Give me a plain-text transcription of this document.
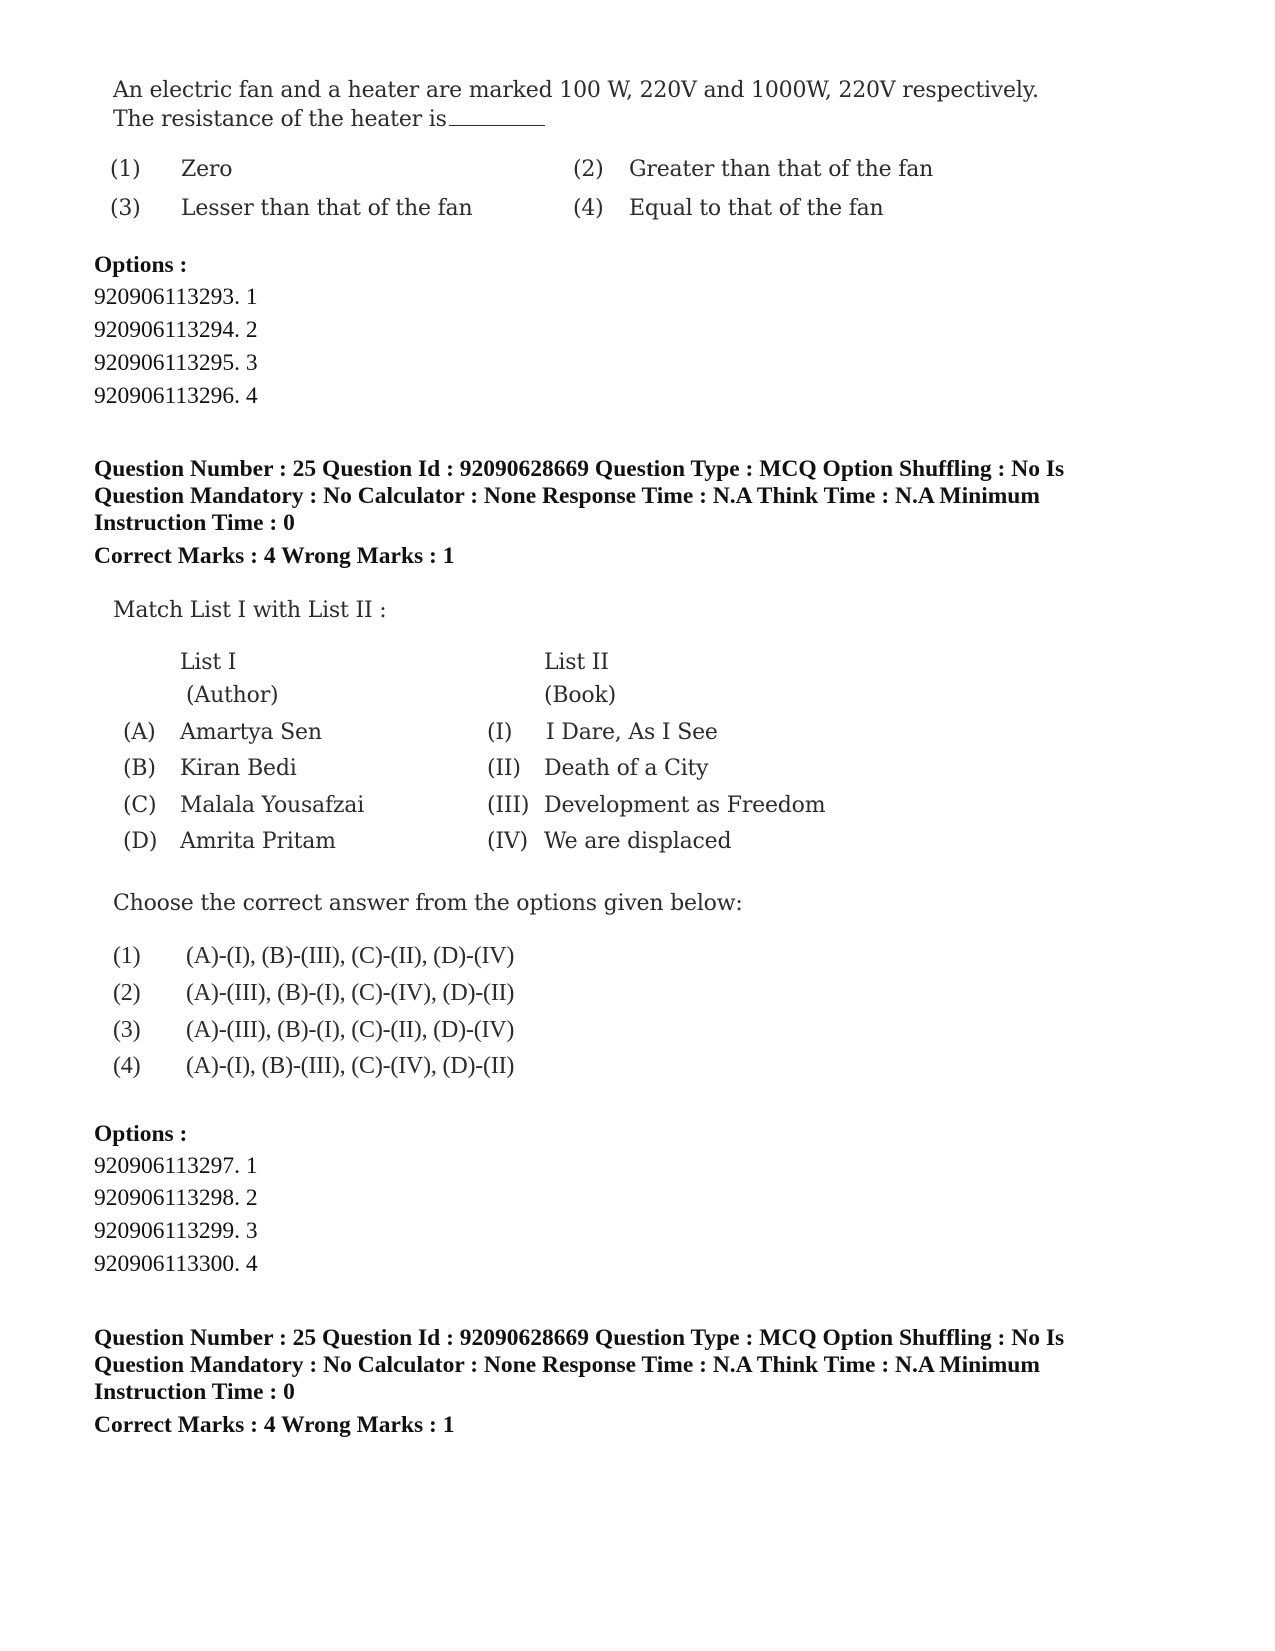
An electric fan and a heater are marked 100 W, 220V and 1000W, 220V respectively.
The resistance of the heater is
(1) Zero	(2) Greater than that of the fan
(3) Lesser than that of the fan	(4) Equal to that of the fan
Options :
920906113293. 1
920906113294. 2
920906113295. 3
920906113296. 4
Question Number : 25 Question Id : 92090628669 Question Type : MCQ Option Shuffling : No Is
Question Mandatory : No Calculator : None Response Time : N.A Think Time : N.A Minimum
Instruction Time : 0
Correct Marks : 4 Wrong Marks : 1
Match List I with List II :
List I
(Author)
List II
(Book)
(A) Amartya Sen	(I) I Dare, As I See
(B) Kiran Bedi	(II) Death of a City
(C) Malala Yousafzai	(III) Development as Freedom
(D) Amrita Pritam	(IV) We are displaced
Choose the correct answer from the options given below:
(1) (A)-(I), (B)-(III), (C)-(II), (D)-(IV)
(2) (A)-(III), (B)-(I), (C)-(IV), (D)-(II)
(3) (A)-(III), (B)-(I), (C)-(II), (D)-(IV)
(4) (A)-(I), (B)-(III), (C)-(IV), (D)-(II)
Options :
920906113297. 1
920906113298. 2
920906113299. 3
920906113300. 4
Question Number : 25 Question Id : 92090628669 Question Type : MCQ Option Shuffling : No Is
Question Mandatory : No Calculator : None Response Time : N.A Think Time : N.A Minimum
Instruction Time : 0
Correct Marks : 4 Wrong Marks : 1
